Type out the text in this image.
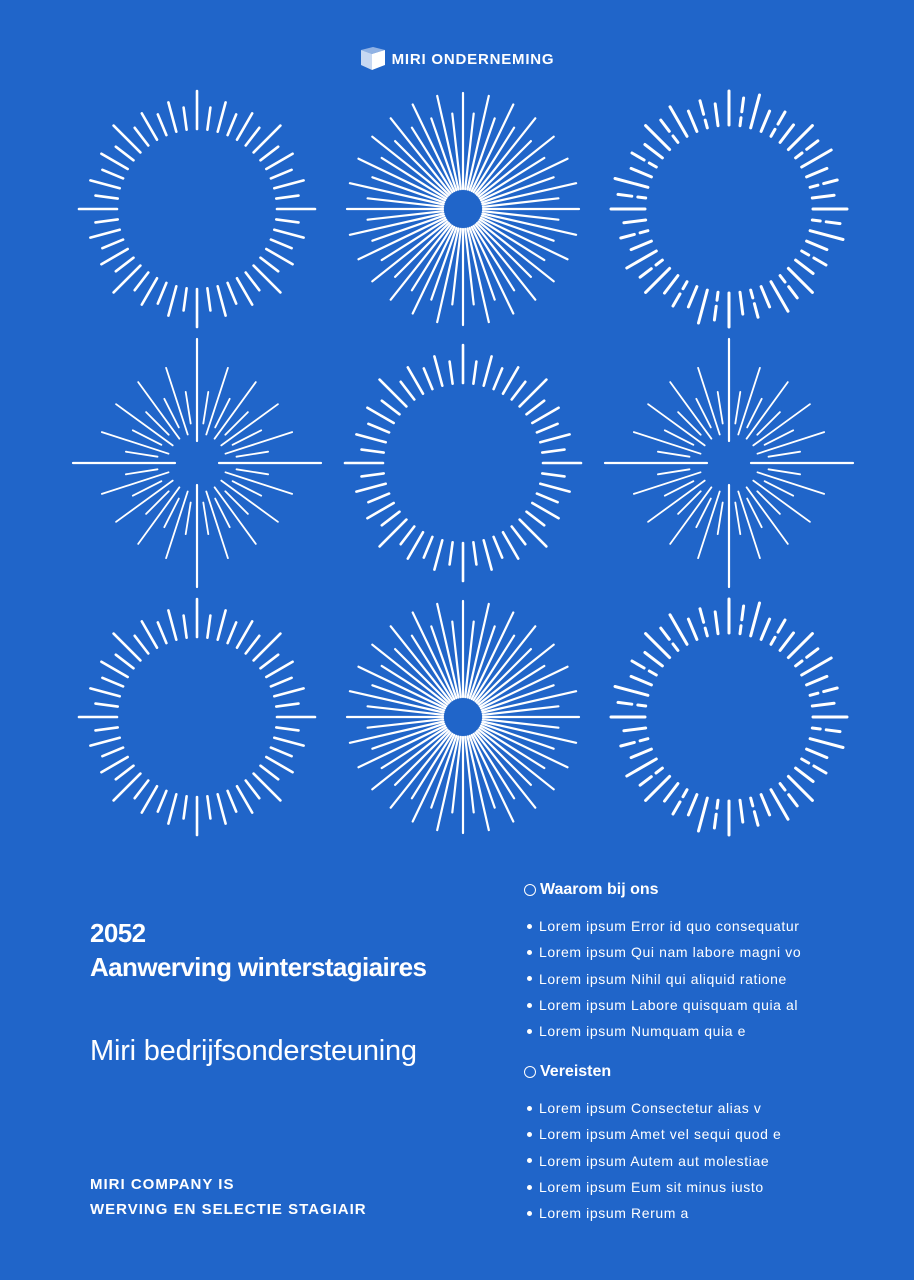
MIRI ONDERNEMING
2052
Aanwerving winterstagiaires
Miri bedrijfsondersteuning
MIRI COMPANY IS
WERVING EN SELECTIE STAGIAIR
Waarom bij ons
Lorem ipsum Error id quo consequatur
Lorem ipsum Qui nam labore magni vo
Lorem ipsum Nihil qui aliquid ratione
Lorem ipsum Labore quisquam quia al
Lorem ipsum Numquam quia e
Vereisten
Lorem ipsum Consectetur alias v
Lorem ipsum Amet vel sequi quod e
Lorem ipsum Autem aut molestiae
Lorem ipsum Eum sit minus iusto
Lorem ipsum Rerum a
